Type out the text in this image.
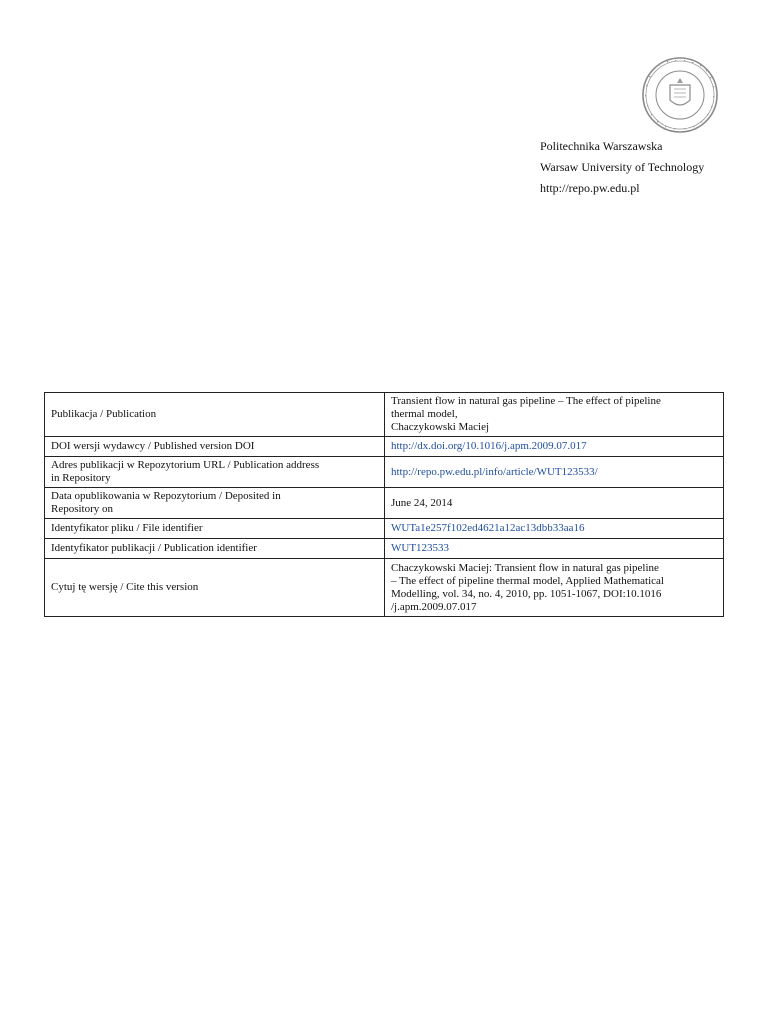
Politechnika Warszawska
Warsaw University of Technology
http://repo.pw.edu.pl
Publikacja / Publication	Transient flow in natural gas pipeline – The effect of pipeline
thermal model,
Chaczykowski Maciej

DOI wersji wydawcy / Published version DOI	http://dx.doi.org/10.1016/j.apm.2009.07.017

Adres publikacji w Repozytorium URL / Publication address
in Repository	http://repo.pw.edu.pl/info/article/WUT123533/

Data opublikowania w Repozytorium / Deposited in
Repository on	June 24, 2014
Identyfikator pliku / File identifier	WUTa1e257f102ed4621a12ac13dbb33aa16
Identyfikator publikacji / Publication identifier	WUT123533
Cytuj tę wersję / Cite this version	Chaczykowski Maciej: Transient flow in natural gas pipeline
– The effect of pipeline thermal model, Applied Mathematical
Modelling, vol. 34, no. 4, 2010, pp. 1051-1067, DOI:10.1016
/j.apm.2009.07.017
